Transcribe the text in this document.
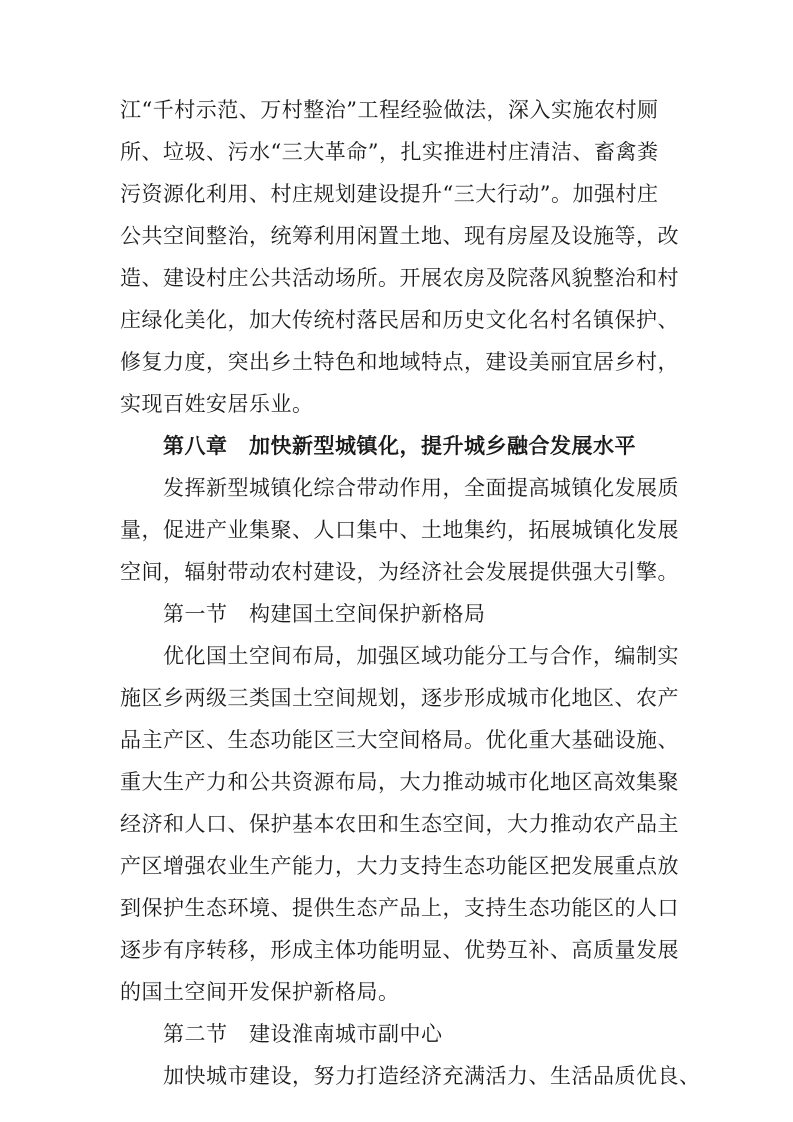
江“千村示范、万村整治”工程经验做法，深入实施农村厕
所、垃圾、污水“三大革命”，扎实推进村庄清洁、畜禽粪
污资源化利用、村庄规划建设提升“三大行动”。加强村庄
公共空间整治，统筹利用闲置土地、现有房屋及设施等，改
造、建设村庄公共活动场所。开展农房及院落风貌整治和村
庄绿化美化，加大传统村落民居和历史文化名村名镇保护、
修复力度，突出乡土特色和地域特点，建设美丽宜居乡村，
实现百姓安居乐业。
第八章　加快新型城镇化，提升城乡融合发展水平
发挥新型城镇化综合带动作用，全面提高城镇化发展质
量，促进产业集聚、人口集中、土地集约，拓展城镇化发展
空间，辐射带动农村建设，为经济社会发展提供强大引擎。
第一节　构建国土空间保护新格局
优化国土空间布局，加强区域功能分工与合作，编制实
施区乡两级三类国土空间规划，逐步形成城市化地区、农产
品主产区、生态功能区三大空间格局。优化重大基础设施、
重大生产力和公共资源布局，大力推动城市化地区高效集聚
经济和人口、保护基本农田和生态空间，大力推动农产品主
产区增强农业生产能力，大力支持生态功能区把发展重点放
到保护生态环境、提供生态产品上，支持生态功能区的人口
逐步有序转移，形成主体功能明显、优势互补、高质量发展
的国土空间开发保护新格局。
第二节　建设淮南城市副中心
加快城市建设，努力打造经济充满活力、生活品质优良、
